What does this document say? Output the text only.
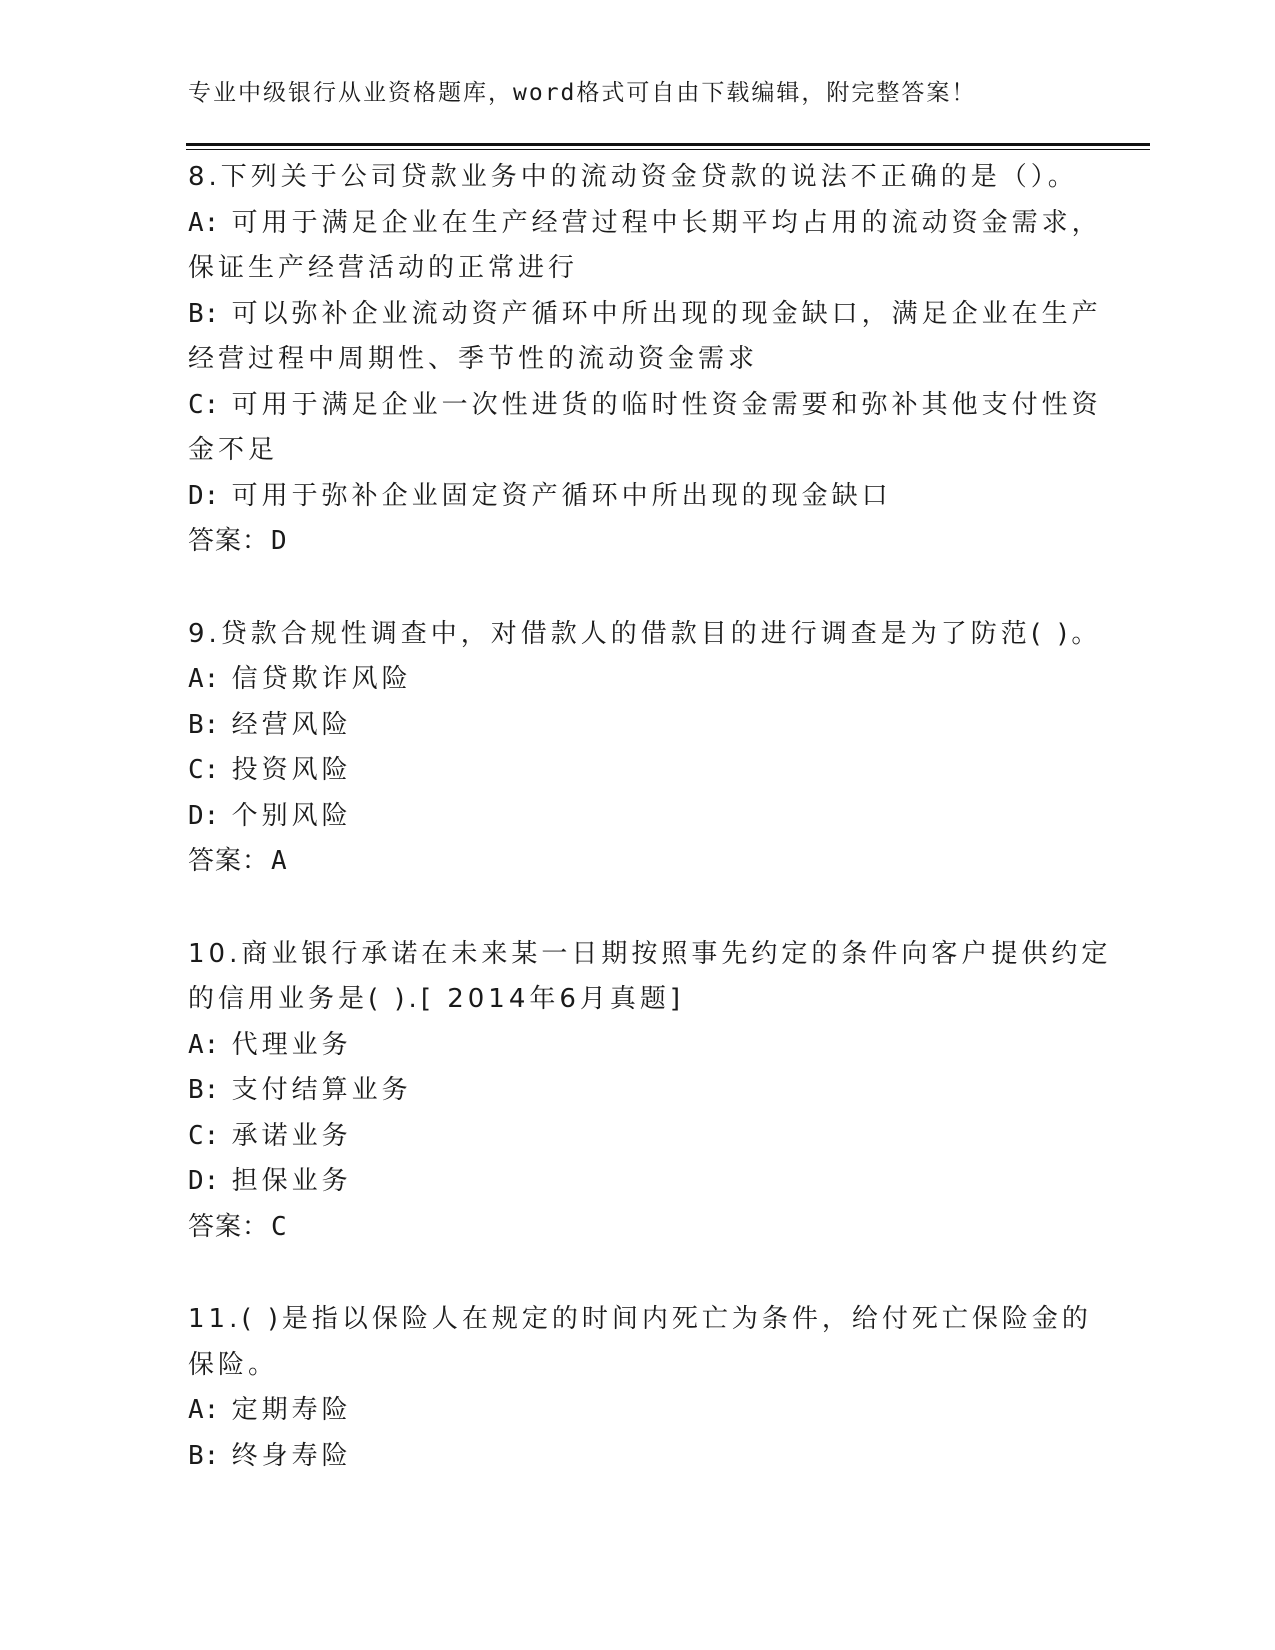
专业中级银行从业资格题库，word格式可自由下载编辑，附完整答案！
8.下列关于公司贷款业务中的流动资金贷款的说法不正确的是（）。
A: 可用于满足企业在生产经营过程中长期平均占用的流动资金需求，
保证生产经营活动的正常进行
B: 可以弥补企业流动资产循环中所出现的现金缺口，满足企业在生产
经营过程中周期性、季节性的流动资金需求
C: 可用于满足企业一次性进货的临时性资金需要和弥补其他支付性资
金不足
D: 可用于弥补企业固定资产循环中所出现的现金缺口
答案：D
9.贷款合规性调查中，对借款人的借款目的进行调查是为了防范( )。
A: 信贷欺诈风险
B: 经营风险
C: 投资风险
D: 个别风险
答案：A
10.商业银行承诺在未来某一日期按照事先约定的条件向客户提供约定
的信用业务是( ).[ 2014年6月真题]
A: 代理业务
B: 支付结算业务
C: 承诺业务
D: 担保业务
答案：C
11.( )是指以保险人在规定的时间内死亡为条件，给付死亡保险金的
保险。
A: 定期寿险
B: 终身寿险
